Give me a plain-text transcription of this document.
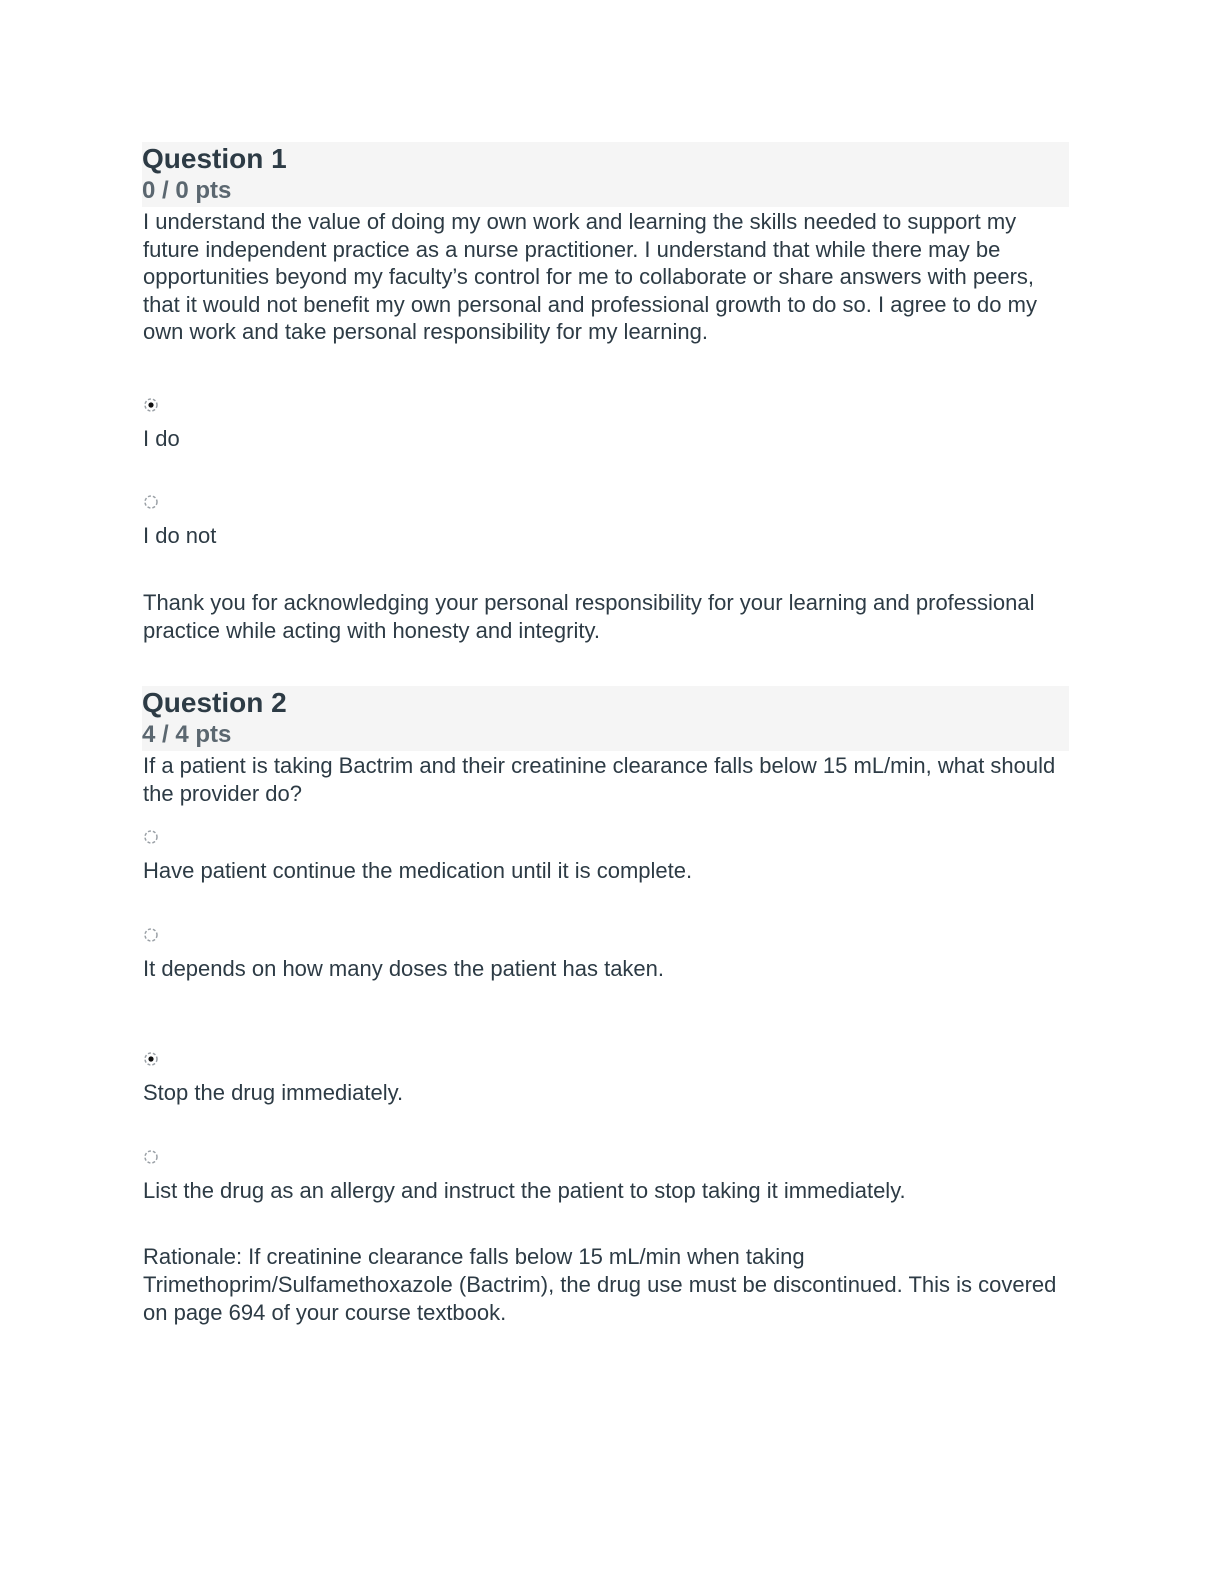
Question 1
0 / 0 pts

I understand the value of doing my own work and learning the skills needed to support my future independent practice as a nurse practitioner. I understand that while there may be opportunities beyond my faculty’s control for me to collaborate or share answers with peers, that it would not benefit my own personal and professional growth to do so. I agree to do my own work and take personal responsibility for my learning.

I do
I do not
Thank you for acknowledging your personal responsibility for your learning and professional practice while acting with honesty and integrity.
Question 2
4 / 4 pts

If a patient is taking Bactrim and their creatinine clearance falls below 15 mL/min, what should the provider do?

Have patient continue the medication until it is complete.
It depends on how many doses the patient has taken.
Stop the drug immediately.
List the drug as an allergy and instruct the patient to stop taking it immediately.
Rationale: If creatinine clearance falls below 15 mL/min when taking Trimethoprim/Sulfamethoxazole (Bactrim), the drug use must be discontinued. This is covered on page 694 of your course textbook.
